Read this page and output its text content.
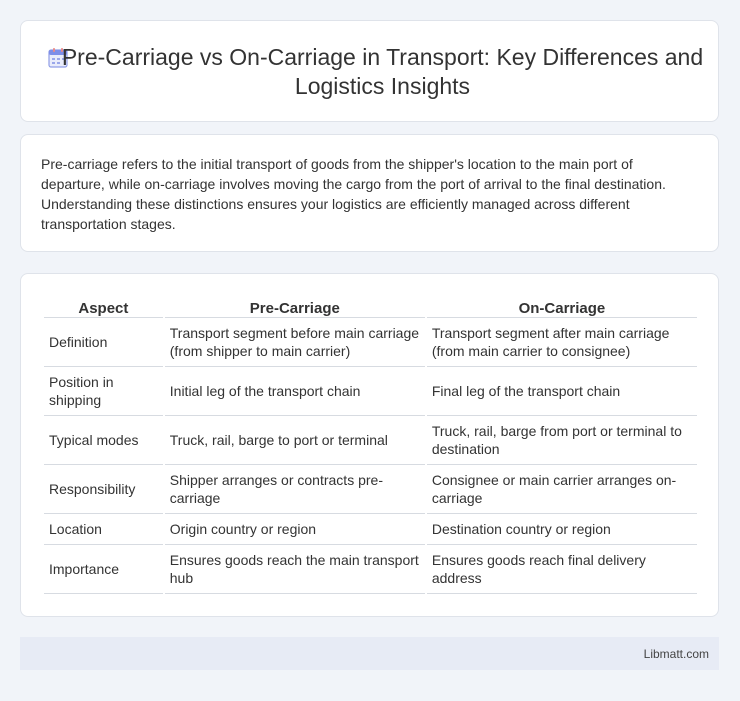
Pre-Carriage vs On-Carriage in Transport: Key Differences and Logistics Insights

Pre-carriage refers to the initial transport of goods from the shipper's location to the main port of departure, while on-carriage involves moving the cargo from the port of arrival to the final destination. Understanding these distinctions ensures your logistics are efficiently managed across different transportation stages.

Aspect	Pre-Carriage	On-Carriage
Definition	Transport segment before main carriage (from shipper to main carrier)	Transport segment after main carriage (from main carrier to consignee)
Position in shipping	Initial leg of the transport chain	Final leg of the transport chain
Typical modes	Truck, rail, barge to port or terminal	Truck, rail, barge from port or terminal to destination
Responsibility	Shipper arranges or contracts pre-carriage	Consignee or main carrier arranges on-carriage
Location	Origin country or region	Destination country or region
Importance	Ensures goods reach the main transport hub	Ensures goods reach final delivery address
Libmatt.com
